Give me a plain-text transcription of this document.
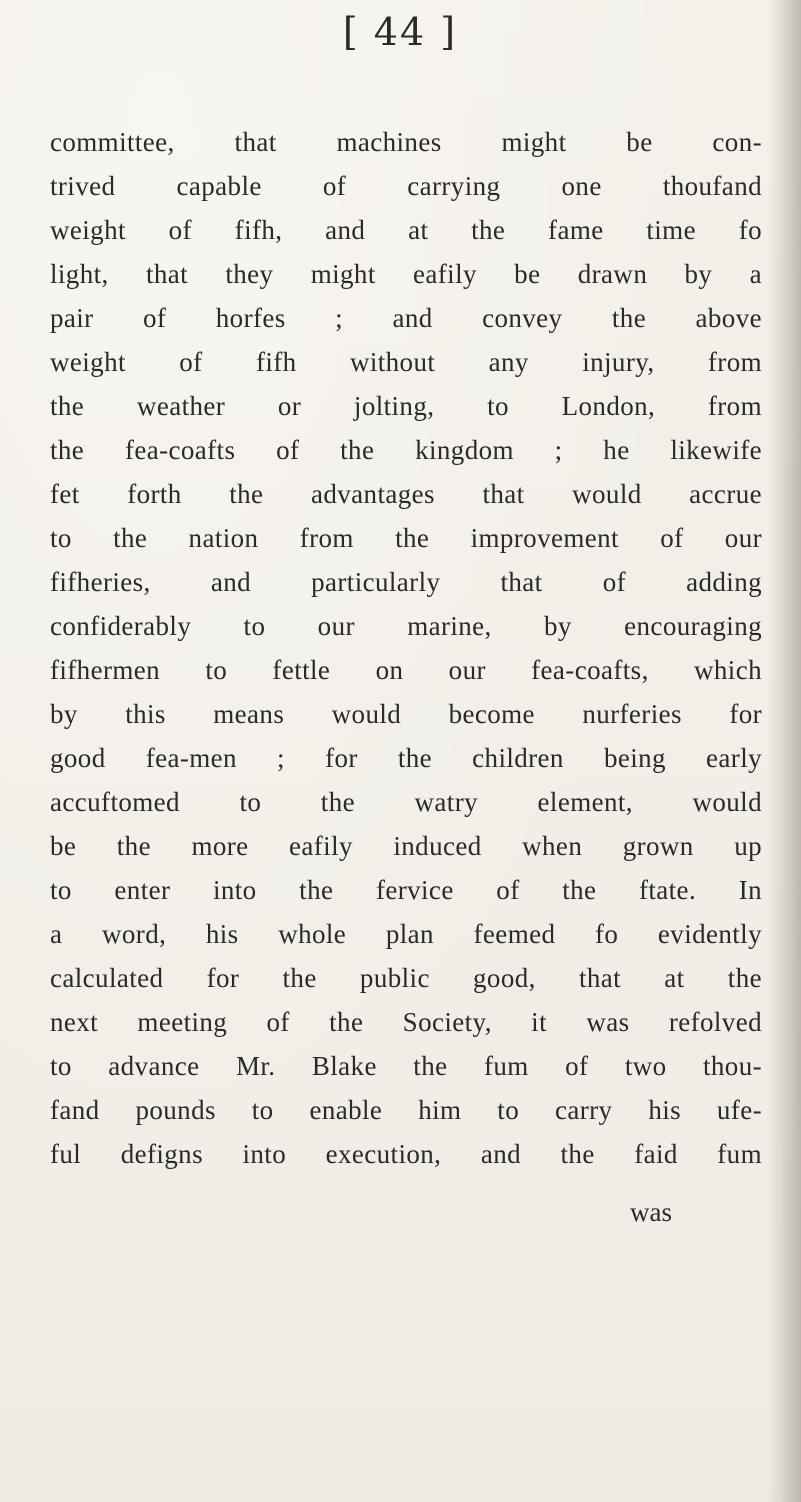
[ 44 ]
committee, that machines might be con-
trived capable of carrying one thoufand
weight of fifh, and at the fame time fo
light, that they might eafily be drawn by a
pair of horfes ; and convey the above
weight of fifh without any injury, from
the weather or jolting, to London, from
the fea-coafts of the kingdom ; he likewife
fet forth the advantages that would accrue
to the nation from the improvement of our
fifheries, and particularly that of adding
confiderably to our marine, by encouraging
fifhermen to fettle on our fea-coafts, which
by this means would become nurferies for
good fea-men ; for the children being early
accuftomed to the watry element, would
be the more eafily induced when grown up
to enter into the fervice of the ftate. In
a word, his whole plan feemed fo evidently
calculated for the public good, that at the
next meeting of the Society, it was refolved
to advance Mr. Blake the fum of two thou-
fand pounds to enable him to carry his ufe-
ful defigns into execution, and the faid fum
was
